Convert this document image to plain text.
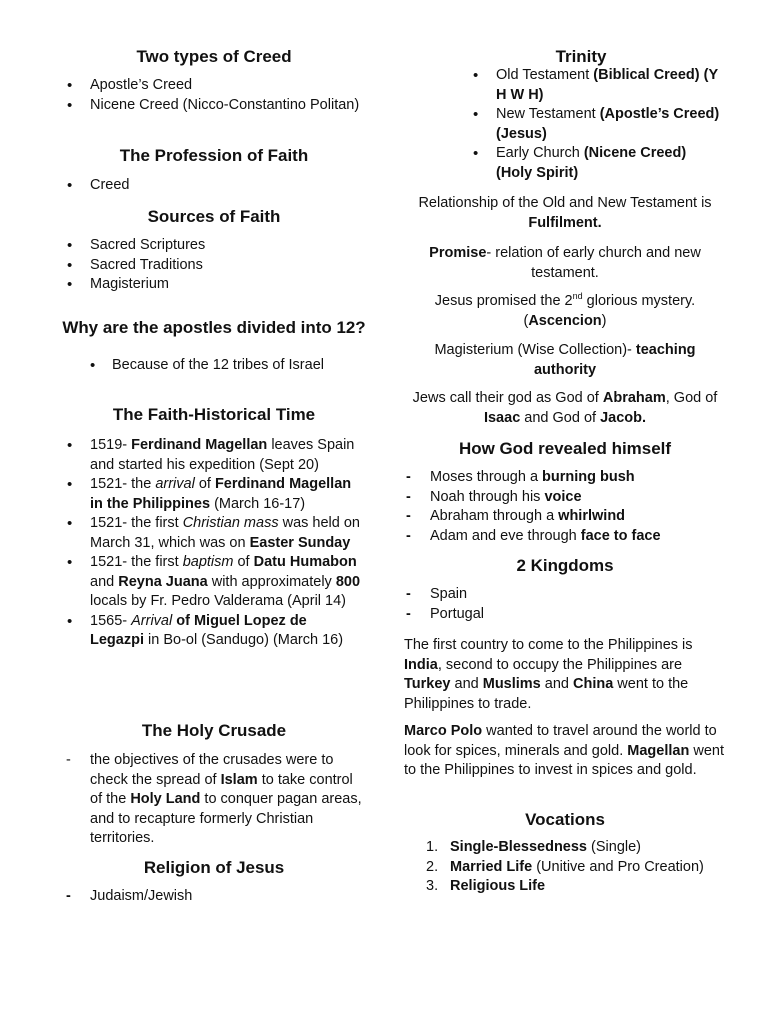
Two types of Creed
• Apostle’s Creed
• Nicene Creed (Nicco-Constantino Politan)
The Profession of Faith
• Creed
Sources of Faith
• Sacred Scriptures
• Sacred Traditions
• Magisterium
Why are the apostles divided into 12?
• Because of the 12 tribes of Israel
The Faith-Historical Time
• 1519- Ferdinand Magellan leaves Spain and started his expedition (Sept 20)
• 1521- the arrival of Ferdinand Magellan in the Philippines (March 16-17)
• 1521- the first Christian mass was held on March 31, which was on Easter Sunday
• 1521- the first baptism of Datu Humabon and Reyna Juana with approximately 800 locals by Fr. Pedro Valderama (April 14)
• 1565- Arrival of Miguel Lopez de Legazpi in Bo-ol (Sandugo) (March 16)
The Holy Crusade
- the objectives of the crusades were to check the spread of Islam to take control of the Holy Land to conquer pagan areas, and to recapture formerly Christian territories.
Religion of Jesus
- Judaism/Jewish
Trinity
• Old Testament (Biblical Creed) (Y H W H)
• New Testament (Apostle’s Creed) (Jesus)
• Early Church (Nicene Creed) (Holy Spirit)

Relationship of the Old and New Testament is Fulfilment.

Promise- relation of early church and new testament.

Jesus promised the 2nd glorious mystery. (Ascencion)

Magisterium (Wise Collection)- teaching authority

Jews call their god as God of Abraham, God of Isaac and God of Jacob.

How God revealed himself
- Moses through a burning bush
- Noah through his voice
- Abraham through a whirlwind
- Adam and eve through face to face
2 Kingdoms
- Spain
- Portugal

The first country to come to the Philippines is India, second to occupy the Philippines are Turkey and Muslims and China went to the Philippines to trade.

Marco Polo wanted to travel around the world to look for spices, minerals and gold. Magellan went to the Philippines to invest in spices and gold.

Vocations
1. Single-Blessedness (Single)
2. Married Life (Unitive and Pro Creation)
3. Religious Life
